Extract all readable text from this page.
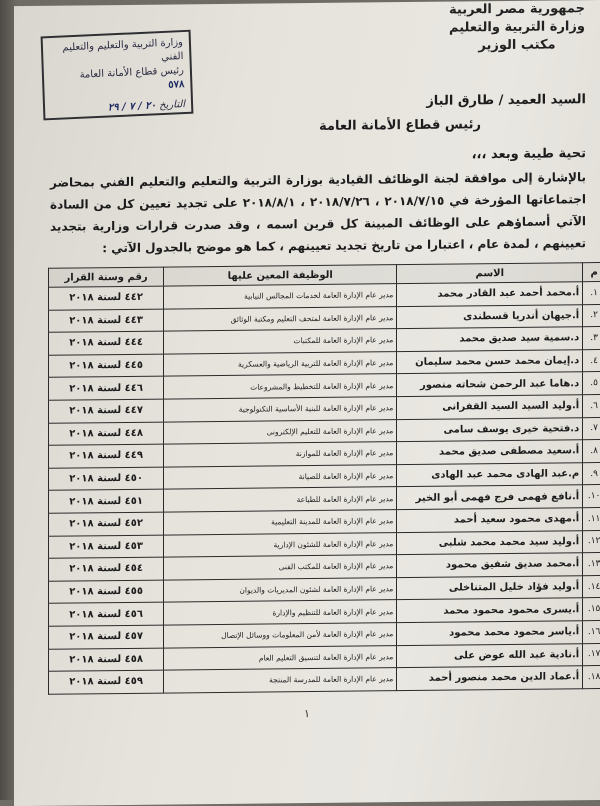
جمهورية مصر العربية
وزارة التربية والتعليم
مكتب الوزير
وزارة التربية والتعليم والتعليم الفني
رئيس قطاع الأمانة العامة
٥٧٨
التاريخ ٢٠ / ٧ / ٢٩	السيد العميد / طارق الباز
رئيس قطاع الأمانة العامة
تحية طيبة وبعد ،،،
بالإشارة إلى موافقة لجنة الوظائف القيادية بوزارة التربية والتعليم والتعليم الفني بمحاضر اجتماعاتها المؤرخة في ٢٠١٨/٧/١٥ ، ٢٠١٨/٧/٢٦ ، ٢٠١٨/٨/١ على تجديد تعيين كل من السادة الآتي أسماؤهم على الوظائف المبينة كل قرين اسمه ، وقد صدرت قرارات وزارية بتجديد تعيينهم ، لمدة عام ، اعتبارا من تاريخ تجديد تعيينهم ، كما هو موضح بالجدول الآتي :
م	الاسم	الوظيفة المعين عليها	رقم وسنة القرار
١.	أ.محمد أحمد عبد القادر محمد	مدير عام الإدارة العامة لخدمات المجالس النيابية	٤٤٢ لسنة ٢٠١٨
٢.	أ.جيهان أندريا قسطندى	مدير عام الإدارة العامة لمتحف التعليم ومكتبة الوثائق	٤٤٣ لسنة ٢٠١٨
٣.	د.سمية سيد صديق محمد	مدير عام الإدارة العامة للمكتبات	٤٤٤ لسنة ٢٠١٨
٤.	د.إيمان محمد حسن محمد سليمان	مدير عام الإدارة العامة للتربية الرياضية والعسكرية	٤٤٥ لسنة ٢٠١٨
٥.	د.هاما عبد الرحمن شحاته منصور	مدير عام الإدارة العامة للتخطيط والمشروعات	٤٤٦ لسنة ٢٠١٨
٦.	أ.وليد السيد السيد القفرانى	مدير عام الإدارة العامة للبنية الأساسية التكنولوجية	٤٤٧ لسنة ٢٠١٨
٧.	د.فتحية خيرى يوسف سامى	مدير عام الإدارة العامة للتعليم الإلكترونى	٤٤٨ لسنة ٢٠١٨
٨.	أ.سعيد مصطفى صديق محمد	مدير عام الإدارة العامة للموازنة	٤٤٩ لسنة ٢٠١٨
٩.	م.عبد الهادى محمد عبد الهادى	مدير عام الإدارة العامة للصيانة	٤٥٠ لسنة ٢٠١٨
١٠.	أ.نافع فهمى فرج فهمى أبو الخير	مدير عام الإدارة العامة للطباعة	٤٥١ لسنة ٢٠١٨
١١.	أ.مهدى محمود سعيد أحمد	مدير عام الإدارة العامة للمدينة التعليمية	٤٥٢ لسنة ٢٠١٨
١٢.	أ.وليد سيد محمد محمد شلبى	مدير عام الإدارة العامة للشئون الإدارية	٤٥٣ لسنة ٢٠١٨
١٣.	أ.محمد صديق شفيق محمود	مدير عام الإدارة العامة للمكتب الفنى	٤٥٤ لسنة ٢٠١٨
١٤.	أ.وليد فؤاد خليل المتناخلى	مدير عام الإدارة العامة لشئون المديريات والديوان	٤٥٥ لسنة ٢٠١٨
١٥.	أ.يسرى محمود محمود محمد	مدير عام الإدارة العامة للتنظيم والإدارة	٤٥٦ لسنة ٢٠١٨
١٦.	أ.ياسر محمود محمد محمود	مدير عام الإدارة العامة لأمن المعلومات ووسائل الإتصال	٤٥٧ لسنة ٢٠١٨
١٧.	أ.نادية عبد الله عوض على	مدير عام الإدارة العامة لتنسيق التعليم العام	٤٥٨ لسنة ٢٠١٨
١٨.	أ.عماد الدين محمد منصور أحمد	مدير عام الإدارة العامة للمدرسة المنتجة	٤٥٩ لسنة ٢٠١٨
١
